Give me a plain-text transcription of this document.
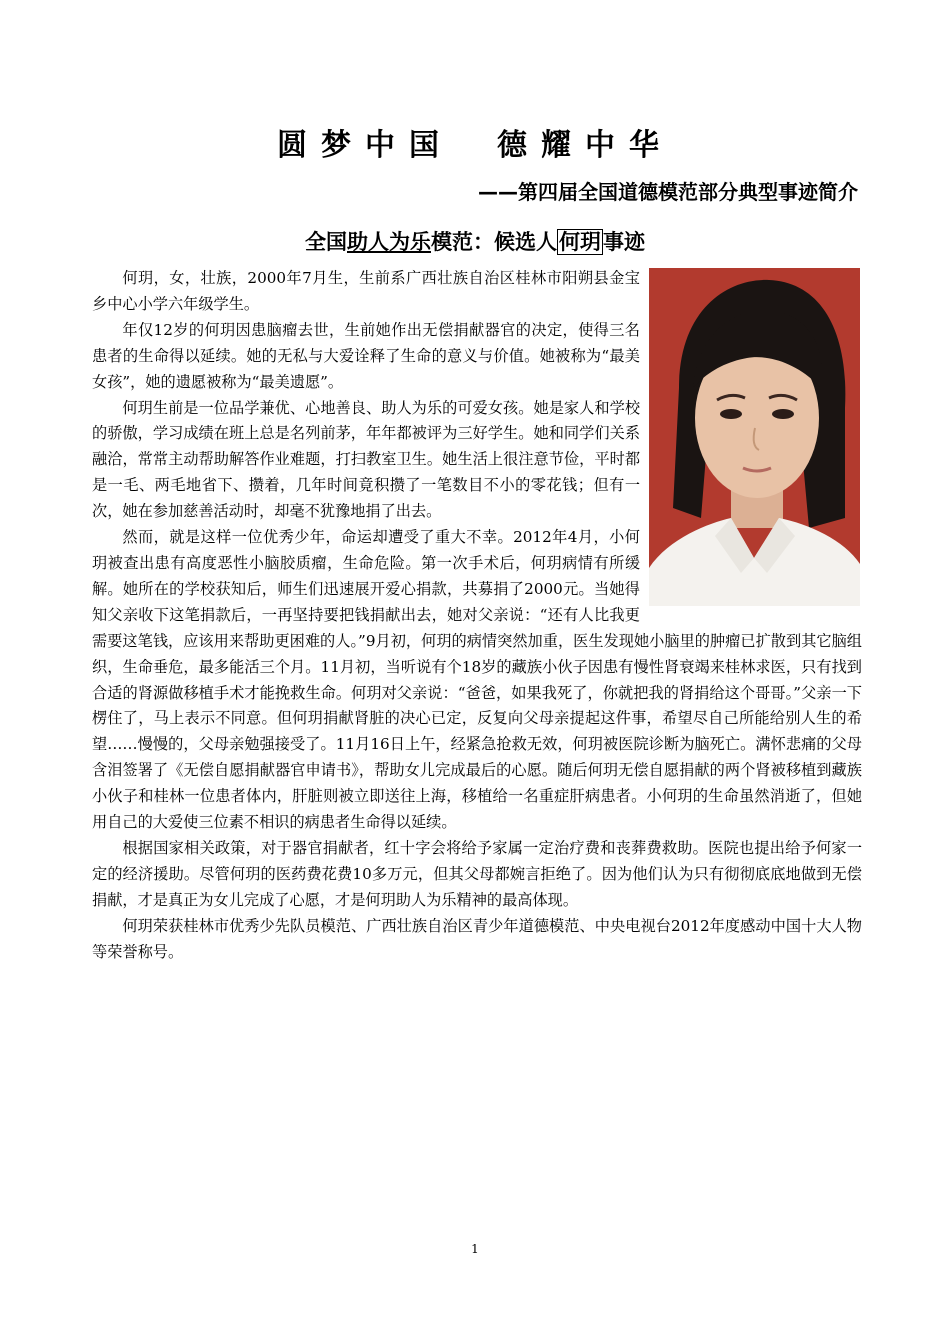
圆梦中国　德耀中华
——第四届全国道德模范部分典型事迹简介
全国助人为乐模范：候选人何玥事迹

何玥，女，壮族，2000年7月生，生前系广西壮族自治区桂林市阳朔县金宝乡中心小学六年级学生。

年仅12岁的何玥因患脑瘤去世，生前她作出无偿捐献器官的决定，使得三名患者的生命得以延续。她的无私与大爱诠释了生命的意义与价值。她被称为“最美女孩”，她的遗愿被称为“最美遗愿”。

何玥生前是一位品学兼优、心地善良、助人为乐的可爱女孩。她是家人和学校的骄傲，学习成绩在班上总是名列前茅，年年都被评为三好学生。她和同学们关系融洽，常常主动帮助解答作业难题，打扫教室卫生。她生活上很注意节俭，平时都是一毛、两毛地省下、攒着，几年时间竟积攒了一笔数目不小的零花钱；但有一次，她在参加慈善活动时，却毫不犹豫地捐了出去。

然而，就是这样一位优秀少年，命运却遭受了重大不幸。2012年4月，小何玥被查出患有高度恶性小脑胶质瘤，生命危险。第一次手术后，何玥病情有所缓解。她所在的学校获知后，师生们迅速展开爱心捐款，共募捐了2000元。当她得知父亲收下这笔捐款后，一再坚持要把钱捐献出去，她对父亲说：“还有人比我更需要这笔钱，应该用来帮助更困难的人。”9月初，何玥的病情突然加重，医生发现她小脑里的肿瘤已扩散到其它脑组织，生命垂危，最多能活三个月。11月初，当听说有个18岁的藏族小伙子因患有慢性肾衰竭来桂林求医，只有找到合适的肾源做移植手术才能挽救生命。何玥对父亲说：“爸爸，如果我死了，你就把我的肾捐给这个哥哥。”父亲一下楞住了，马上表示不同意。但何玥捐献肾脏的决心已定，反复向父母亲提起这件事，希望尽自己所能给别人生的希望……慢慢的，父母亲勉强接受了。11月16日上午，经紧急抢救无效，何玥被医院诊断为脑死亡。满怀悲痛的父母含泪签署了《无偿自愿捐献器官申请书》，帮助女儿完成最后的心愿。随后何玥无偿自愿捐献的两个肾被移植到藏族小伙子和桂林一位患者体内，肝脏则被立即送往上海，移植给一名重症肝病患者。小何玥的生命虽然消逝了，但她用自己的大爱使三位素不相识的病患者生命得以延续。

根据国家相关政策，对于器官捐献者，红十字会将给予家属一定治疗费和丧葬费救助。医院也提出给予何家一定的经济援助。尽管何玥的医药费花费10多万元，但其父母都婉言拒绝了。因为他们认为只有彻彻底底地做到无偿捐献，才是真正为女儿完成了心愿，才是何玥助人为乐精神的最高体现。

何玥荣获桂林市优秀少先队员模范、广西壮族自治区青少年道德模范、中央电视台2012年度感动中国十大人物等荣誉称号。

1
